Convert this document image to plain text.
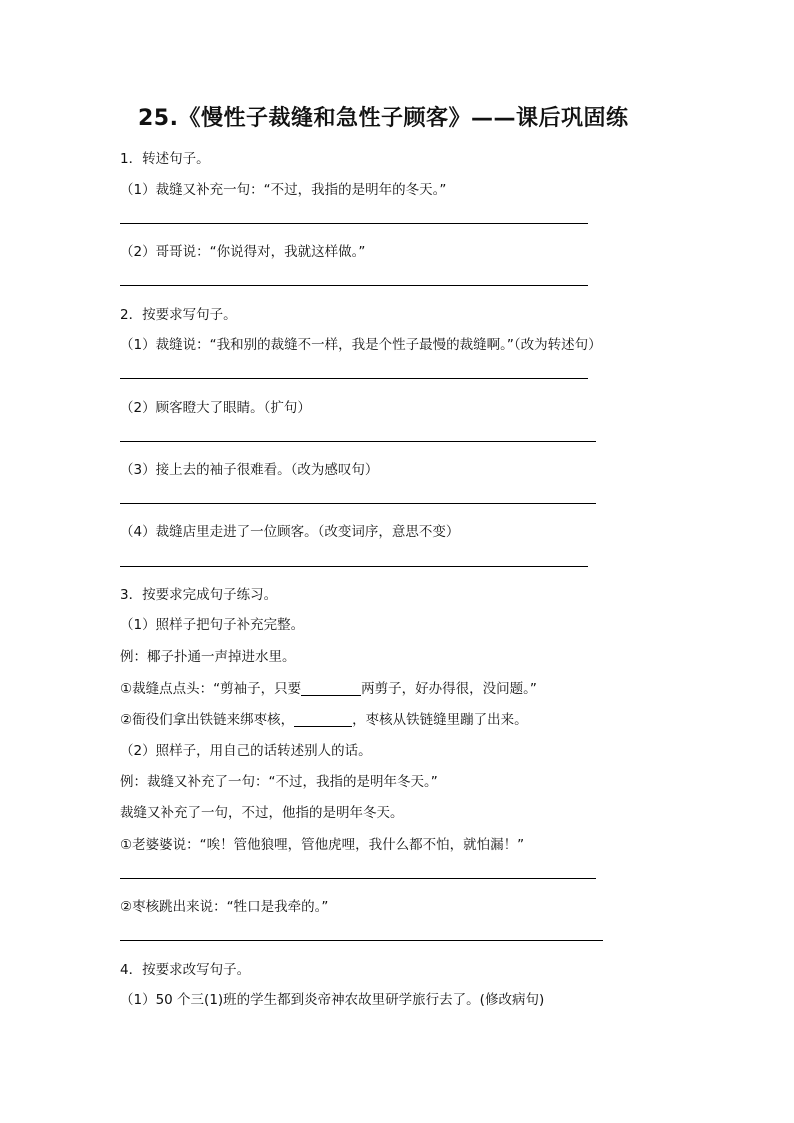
25.《慢性子裁缝和急性子顾客》——课后巩固练
1．转述句子。
（1）裁缝又补充一句：“不过，我指的是明年的冬天。”
（2）哥哥说：“你说得对，我就这样做。”
2．按要求写句子。
（1）裁缝说：“我和别的裁缝不一样，我是个性子最慢的裁缝啊。”（改为转述句）
（2）顾客瞪大了眼睛。（扩句）
（3）接上去的袖子很难看。（改为感叹句）
（4）裁缝店里走进了一位顾客。（改变词序，意思不变）
3．按要求完成句子练习。
（1）照样子把句子补充完整。
例：椰子扑通一声掉进水里。
①裁缝点点头：“剪袖子，只要	两剪子，好办得很，没问题。”
②衙役们拿出铁链来绑枣核，	，枣核从铁链缝里蹦了出来。
（2）照样子，用自己的话转述别人的话。
例：裁缝又补充了一句：“不过，我指的是明年冬天。”
裁缝又补充了一句，不过，他指的是明年冬天。
①老婆婆说：“唉！管他狼哩，管他虎哩，我什么都不怕，就怕漏！”
②枣核跳出来说：“牲口是我牵的。”
4．按要求改写句子。
（1）50 个三(1)班的学生都到炎帝神农故里研学旅行去了。(修改病句)
